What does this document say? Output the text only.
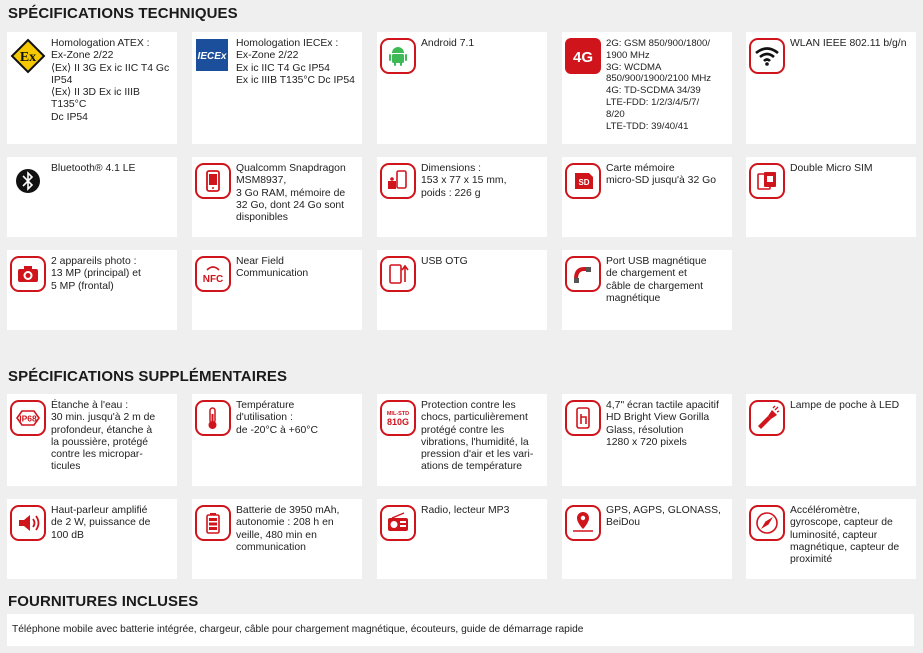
SPÉCIFICATIONS TECHNIQUES
Ex
Homologation ATEX :
Ex-Zone 2/22
⟨Ex⟩ II 3G Ex ic IIC T4 Gc
IP54
⟨Ex⟩ II 3D Ex ic IIIB T135°C
Dc IP54
IECEx
Homologation IECEx :
Ex-Zone 2/22
Ex ic IIC T4 Gc IP54
Ex ic IIIB T135°C Dc IP54
Android 7.1
4G
2G: GSM 850/900/1800/
1900 MHz
3G: WCDMA
850/900/1900/2100 MHz
4G: TD-SCDMA 34/39
LTE-FDD: 1/2/3/4/5/7/
8/20
LTE-TDD: 39/40/41
WLAN IEEE 802.11 b/g/n
Bluetooth® 4.1 LE	Qualcomm Snapdragon
MSM8937,
3 Go RAM, mémoire de
32 Go, dont 24 Go sont
disponibles
Dimensions :
153 x 77 x 15 mm,
poids : 226 g
SD
Carte mémoire
micro-SD jusqu'à 32 Go
Double Micro SIM
2 appareils photo :
13 MP (principal) et
5 MP (frontal)
NFC
Near Field
Communication
USB OTG	Port USB magnétique
de chargement et
câble de chargement
magnétique
SPÉCIFICATIONS SUPPLÉMENTAIRES
IP68
Étanche à l'eau :
30 min. jusqu'à 2 m de
profondeur, étanche à
la poussière, protégé
contre les micropar-
ticules
Température
d'utilisation :
de -20°C à +60°C
MIL-STD
810G
Protection contre les
chocs, particulièrement
protégé contre les
vibrations, l'humidité, la
pression d'air et les vari-
ations de température
4,7" écran tactile apacitif
HD Bright View Gorilla
Glass, résolution
1280 x 720 pixels
Lampe de poche à LED
Haut-parleur amplifié
de 2 W, puissance de
100 dB
Batterie de 3950 mAh,
autonomie : 208 h en
veille, 480 min en
communication
Radio, lecteur MP3	GPS, AGPS, GLONASS,
BeiDou
Accéléromètre,
gyroscope, capteur de
luminosité, capteur
magnétique, capteur de
proximité
FOURNITURES INCLUSES
Téléphone mobile avec batterie intégrée, chargeur, câble pour chargement magnétique, écouteurs, guide de démarrage rapide
